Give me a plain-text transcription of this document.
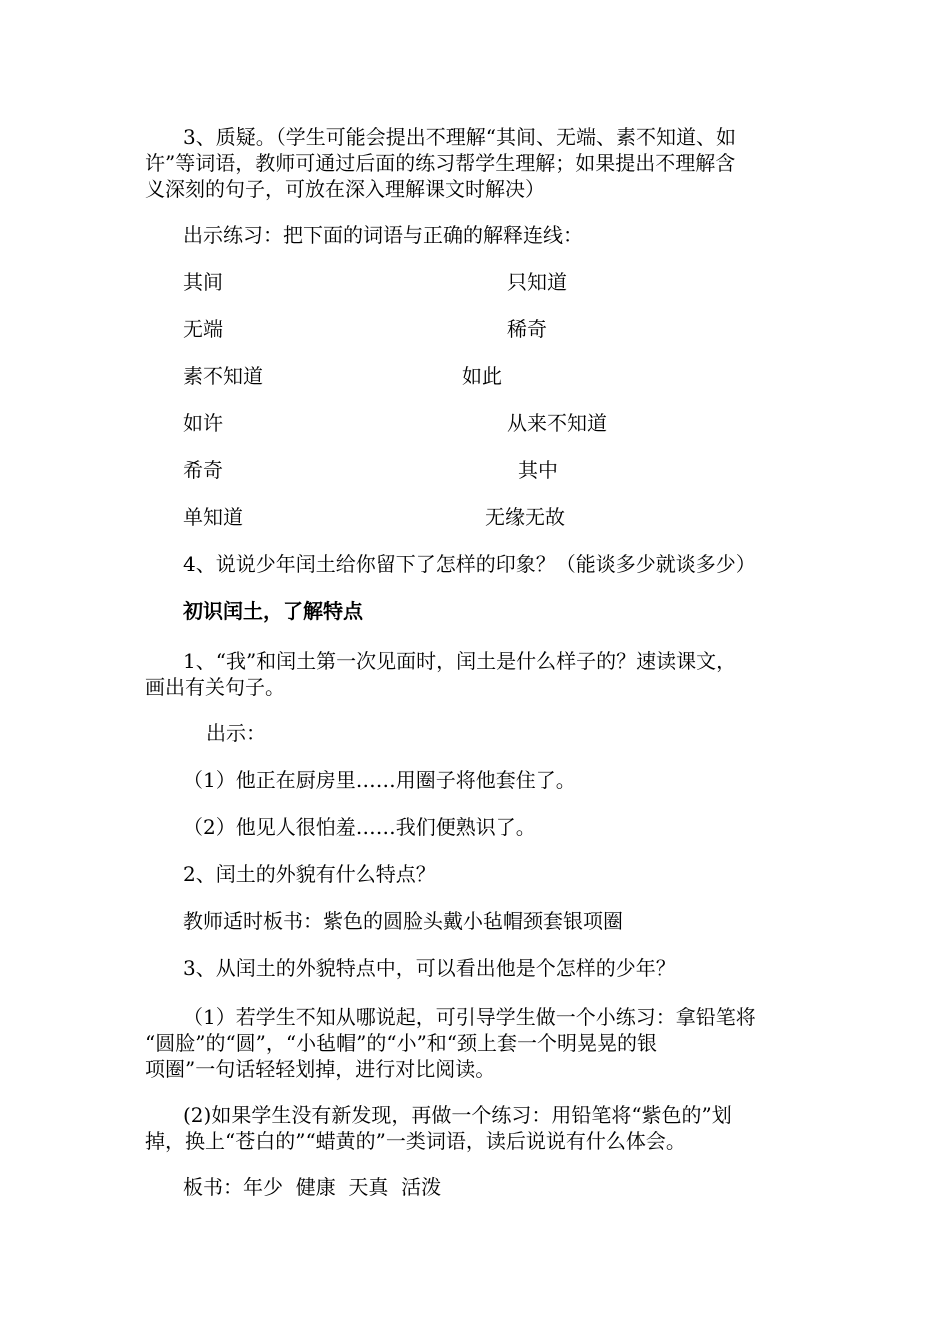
3、质疑。（学生可能会提出不理解“其间、无端、素不知道、如
许”等词语，教师可通过后面的练习帮学生理解；如果提出不理解含
义深刻的句子，可放在深入理解课文时解决）
出示练习：把下面的词语与正确的解释连线：
其间	只知道
无端	稀奇
素不知道	如此
如许	从来不知道
希奇	其中
单知道	无缘无故
4、说说少年闰土给你留下了怎样的印象？（能谈多少就谈多少）
初识闰土，了解特点
1、“我”和闰土第一次见面时，闰土是什么样子的？速读课文，
画出有关句子。
出示：
（1）他正在厨房里……用圈子将他套住了。
（2）他见人很怕羞……我们便熟识了。
2、闰土的外貌有什么特点？
教师适时板书：紫色的圆脸头戴小毡帽颈套银项圈
3、从闰土的外貌特点中，可以看出他是个怎样的少年？
（1）若学生不知从哪说起，可引导学生做一个小练习：拿铅笔将
“圆脸”的“圆”，“小毡帽”的“小”和“颈上套一个明晃晃的银
项圈”一句话轻轻划掉，进行对比阅读。
(2)如果学生没有新发现，再做一个练习：用铅笔将“紫色的”划
掉，换上“苍白的”“蜡黄的”一类词语，读后说说有什么体会。
板书：年少  健康  天真  活泼
